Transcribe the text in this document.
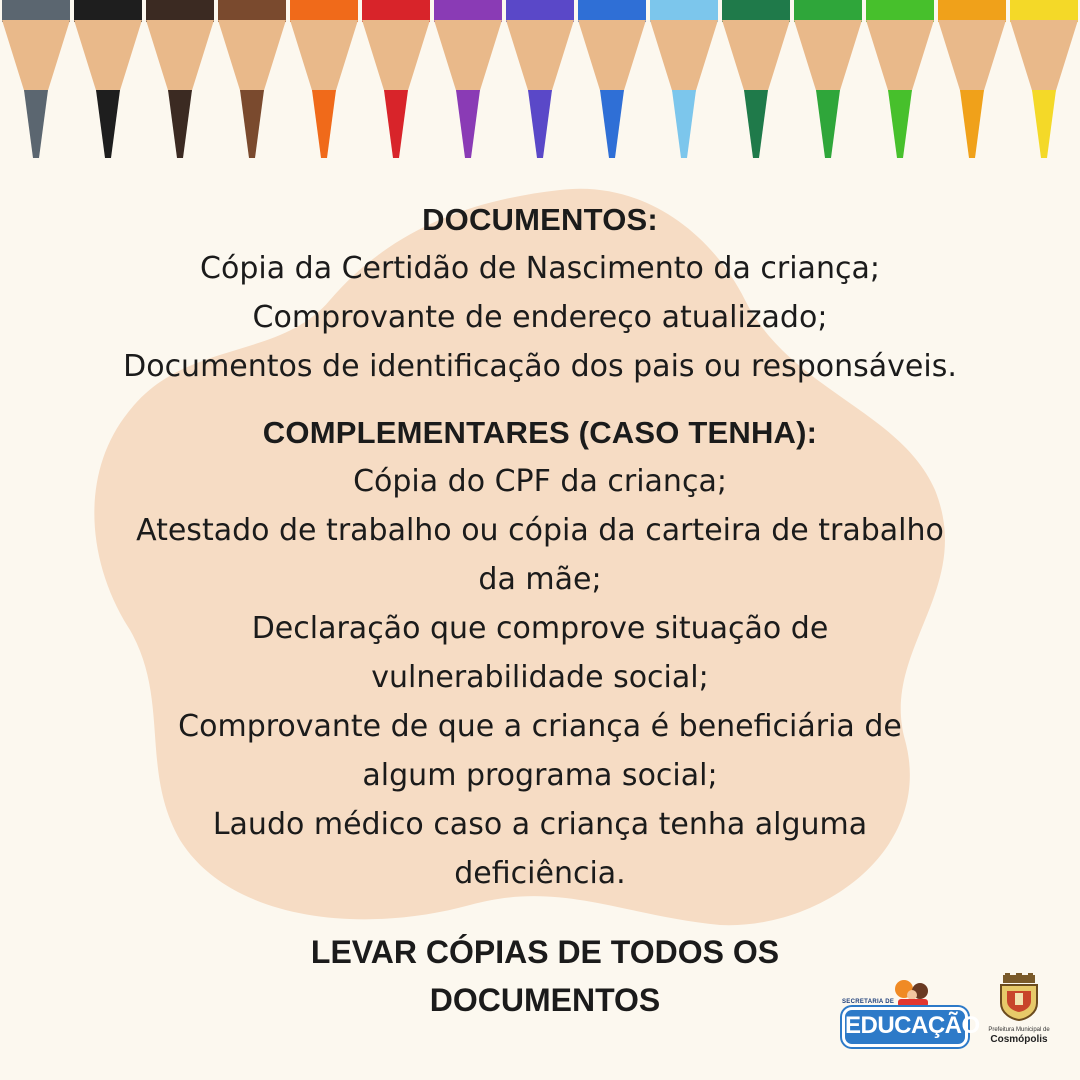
DOCUMENTOS:
Cópia da Certidão de Nascimento da criança;
Comprovante de endereço atualizado;
Documentos de identificação dos pais ou responsáveis.
COMPLEMENTARES (CASO TENHA):
Cópia do CPF da criança;
Atestado de trabalho ou cópia da carteira de trabalho
da mãe;
Declaração que comprove situação de
vulnerabilidade social;
Comprovante de que a criança é beneficiária de
algum programa social;
Laudo médico caso a criança tenha alguma
deficiência.
LEVAR CÓPIAS DE TODOS OS
DOCUMENTOS	SECRETARIA DE
EDUCAÇÃO	Prefeitura Municipal de
Cosmópolis
